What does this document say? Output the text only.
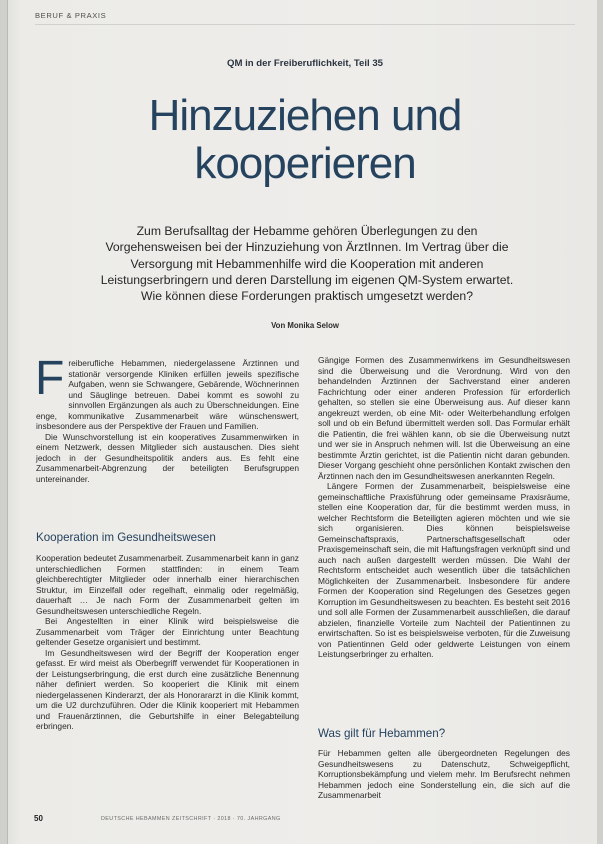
BERUF & PRAXIS
QM in der Freiberuflichkeit, Teil 35
Hinzuziehen und
kooperieren

Zum Berufsalltag der Hebamme gehören Überlegungen zu den Vorgehensweisen bei der Hinzuziehung von ÄrztInnen. Im Vertrag über die Versorgung mit Hebammenhilfe wird die Kooperation mit anderen Leistungserbringern und deren Darstellung im eigenen QM-System erwartet. Wie können diese Forderungen praktisch umgesetzt werden?

Von Monika Selow
F reiberufliche Hebammen, niedergelassene Ärztinnen und stationär versorgende Kliniken erfüllen jeweils spezifische Aufgaben, wenn sie Schwangere, Gebärende, Wöchnerinnen und Säuglinge betreuen. Dabei kommt es sowohl zu sinnvollen Ergänzungen als auch zu Überschneidungen. Eine enge, kommunikative Zusammenarbeit wäre wünschenswert, insbesondere aus der Perspektive der Frauen und Familien.

Die Wunschvorstellung ist ein kooperatives Zusammenwirken in einem Netzwerk, dessen Mitglieder sich austauschen. Dies sieht jedoch in der Gesundheitspolitik anders aus. Es fehlt eine Zusammenarbeit-Abgrenzung der beteiligten Berufsgruppen untereinander.

Kooperation im Gesundheitswesen

Kooperation bedeutet Zusammenarbeit. Zusammenarbeit kann in ganz unterschiedlichen Formen stattfinden: in einem Team gleichberechtigter Mitglieder oder innerhalb einer hierarchischen Struktur, im Einzelfall oder regelhaft, einmalig oder regelmäßig, dauerhaft … Je nach Form der Zusammenarbeit gelten im Gesundheitswesen unterschiedliche Regeln.

Bei Angestellten in einer Klinik wird beispielsweise die Zusammenarbeit vom Träger der Einrichtung unter Beachtung geltender Gesetze organisiert und bestimmt.

Im Gesundheitswesen wird der Begriff der Kooperation enger gefasst. Er wird meist als Oberbegriff verwendet für Kooperationen in der Leistungserbringung, die erst durch eine zusätzliche Benennung näher definiert werden. So kooperiert die Klinik mit einem niedergelassenen Kinderarzt, der als Honorararzt in die Klinik kommt, um die U2 durchzuführen. Oder die Klinik kooperiert mit Hebammen und Frauenärztinnen, die Geburtshilfe in einer Belegabteilung erbringen.

Gängige Formen des Zusammenwirkens im Gesundheitswesen sind die Überweisung und die Verordnung. Wird von den behandelnden Ärztinnen der Sachverstand einer anderen Fachrichtung oder einer anderen Profession für erforderlich gehalten, so stellen sie eine Überweisung aus. Auf dieser kann angekreuzt werden, ob eine Mit- oder Weiterbehandlung erfolgen soll und ob ein Befund übermittelt werden soll. Das Formular erhält die Patientin, die frei wählen kann, ob sie die Überweisung nutzt und wer sie in Anspruch nehmen will. Ist die Überweisung an eine bestimmte Ärztin gerichtet, ist die Patientin nicht daran gebunden. Dieser Vorgang geschieht ohne persönlichen Kontakt zwischen den Ärztinnen nach den im Gesundheitswesen anerkannten Regeln.

Längere Formen der Zusammenarbeit, beispielsweise eine gemeinschaftliche Praxisführung oder gemeinsame Praxisräume, stellen eine Kooperation dar, für die bestimmt werden muss, in welcher Rechtsform die Beteiligten agieren möchten und wie sie sich organisieren. Dies können beispielsweise Gemeinschaftspraxis, Partnerschaftsgesellschaft oder Praxisgemeinschaft sein, die mit Haftungsfragen verknüpft sind und auch nach außen dargestellt werden müssen. Die Wahl der Rechtsform entscheidet auch wesentlich über die tatsächlichen Möglichkeiten der Zusammenarbeit. Insbesondere für andere Formen der Kooperation sind Regelungen des Gesetzes gegen Korruption im Gesundheitswesen zu beachten. Es besteht seit 2016 und soll alle Formen der Zusammenarbeit ausschließen, die darauf abzielen, finanzielle Vorteile zum Nachteil der Patientinnen zu erwirtschaften. So ist es beispielsweise verboten, für die Zuweisung von Patientinnen Geld oder geldwerte Leistungen von einem Leistungserbringer zu erhalten.

Was gilt für Hebammen?

Für Hebammen gelten alle übergeordneten Regelungen des Gesundheitswesens zu Datenschutz, Schweigepflicht, Korruptionsbekämpfung und vielem mehr. Im Berufsrecht nehmen Hebammen jedoch eine Sonderstellung ein, die sich auf die Zusammenarbeit

50	DEUTSCHE HEBAMMEN ZEITSCHRIFT · 2018 · 70. JAHRGANG
